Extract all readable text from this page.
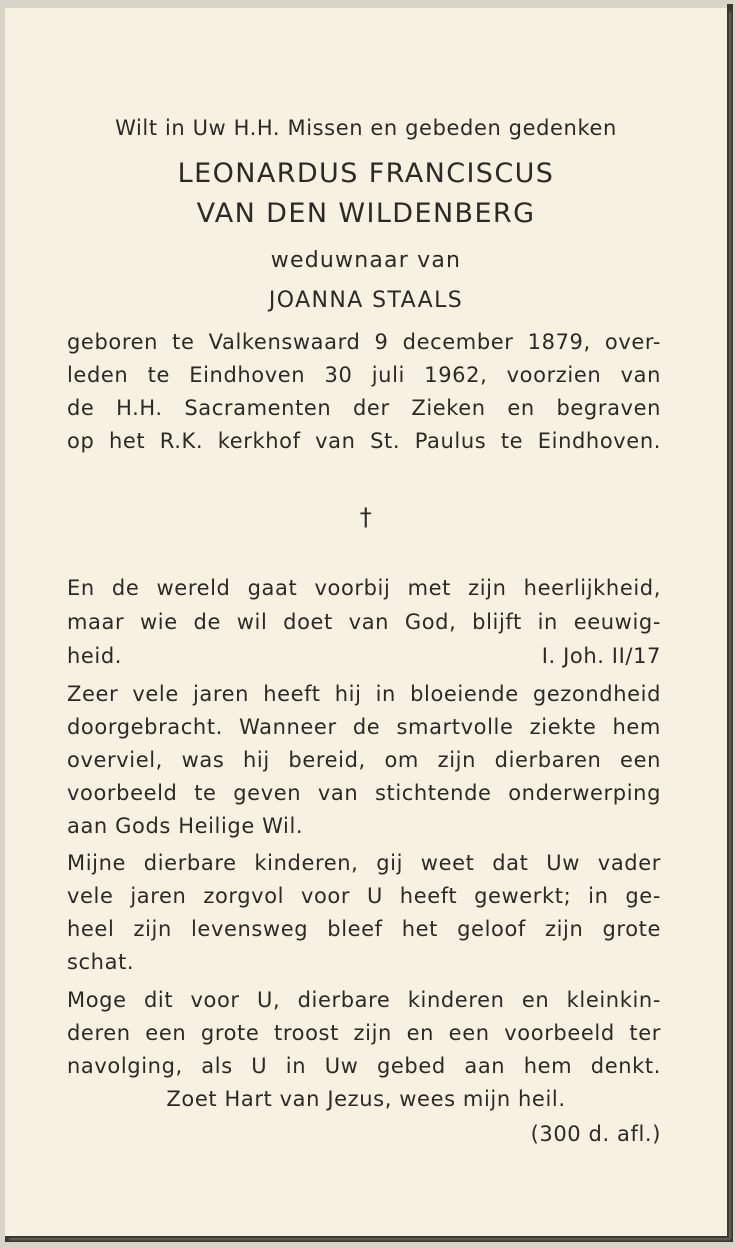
Wilt in Uw H.H. Missen en gebeden gedenken
LEONARDUS FRANCISCUS
VAN DEN WILDENBERG
weduwnaar van
JOANNA STAALS
geboren te Valkenswaard 9 december 1879, over-
leden te Eindhoven 30 juli 1962, voorzien van
de H.H. Sacramenten der Zieken en begraven
op het R.K. kerkhof van St. Paulus te Eindhoven.
†
En de wereld gaat voorbij met zijn heerlijkheid,
maar wie de wil doet van God, blijft in eeuwig-
heid.	I. Joh. II/17
Zeer vele jaren heeft hij in bloeiende gezondheid
doorgebracht. Wanneer de smartvolle ziekte hem
overviel, was hij bereid, om zijn dierbaren een
voorbeeld te geven van stichtende onderwerping
aan Gods Heilige Wil.
Mijne dierbare kinderen, gij weet dat Uw vader
vele jaren zorgvol voor U heeft gewerkt; in ge-
heel zijn levensweg bleef het geloof zijn grote
schat.
Moge dit voor U, dierbare kinderen en kleinkin-
deren een grote troost zijn en een voorbeeld ter
navolging, als U in Uw gebed aan hem denkt.
Zoet Hart van Jezus, wees mijn heil.
(300 d. afl.)
